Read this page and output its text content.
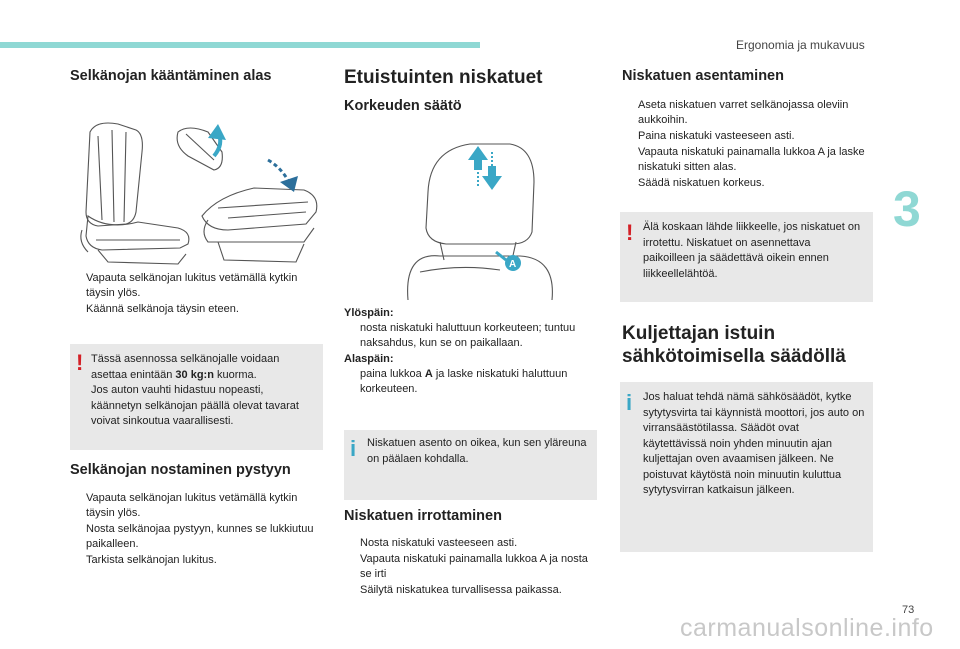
Ergonomia ja mukavuus
3
73
carmanualsonline.info
Selkänojan kääntäminen alas
Vapauta selkänojan lukitus vetämällä kytkin täysin ylös.
Käännä selkänoja täysin eteen.
! Tässä asennossa selkänojalle voidaan
asettaa enintään 30 kg:n kuorma.
Jos auton vauhti hidastuu nopeasti,
käännetyn selkänojan päällä olevat tavarat
voivat sinkoutua vaarallisesti.

Selkänojan nostaminen pystyyn
Vapauta selkänojan lukitus vetämällä kytkin täysin ylös.
Nosta selkänojaa pystyyn, kunnes se lukkiutuu paikalleen.
Tarkista selkänojan lukitus.
Etuistuinten niskatuet
Korkeuden säätö
A
Ylöspäin:
nosta niskatuki haluttuun korkeuteen; tuntuu naksahdus, kun se on paikallaan.
Alaspäin:
paina lukkoa A ja laske niskatuki haluttuun korkeuteen.
i Niskatuen asento on oikea, kun sen yläreuna on päälaen kohdalla.

Niskatuen irrottaminen
Nosta niskatuki vasteeseen asti.
Vapauta niskatuki painamalla lukkoa A ja nosta se irti
Säilytä niskatukea turvallisessa paikassa.
Niskatuen asentaminen
Aseta niskatuen varret selkänojassa oleviin aukkoihin.
Paina niskatuki vasteeseen asti.
Vapauta niskatuki painamalla lukkoa A ja laske niskatuki sitten alas.
Säädä niskatuen korkeus.
! Älä koskaan lähde liikkeelle, jos niskatuet on irrotettu. Niskatuet on asennettava paikoilleen ja säädettävä oikein ennen liikkeellelähtöä.

Kuljettajan istuin
sähkötoimisella säädöllä
i Jos haluat tehdä nämä sähkösäädöt, kytke sytytysvirta tai käynnistä moottori, jos auto on virransäästötilassa. Säädöt ovat käytettävissä noin yhden minuutin ajan kuljettajan oven avaamisen jälkeen. Ne poistuvat käytöstä noin minuutin kuluttua sytytysvirran katkaisun jälkeen.
